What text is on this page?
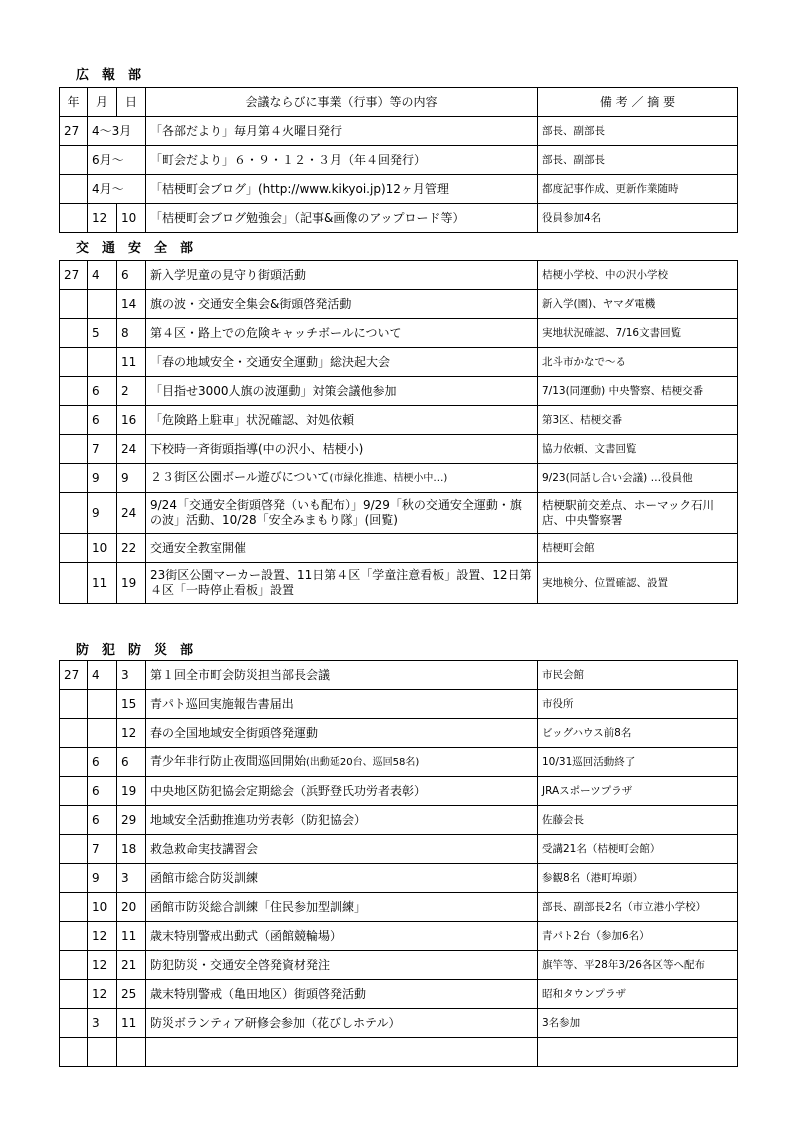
広　報　部
年	月	日	会議ならびに事業（行事）等の内容	備 考 ／ 摘 要
27	4～3月		「各部だより」毎月第４火曜日発行	部長、副部長
	6月～		「町会だより」６・９・１２・３月（年４回発行）	部長、副部長
	4月～		「桔梗町会ブログ」(http://www.kikyoi.jp)12ヶ月管理	都度記事作成、更新作業随時
	12	10	「桔梗町会ブログ勉強会」（記事&画像のアップロード等）	役員参加4名
交　通　安　全　部
27	4	6	新入学児童の見守り街頭活動	桔梗小学校、中の沢小学校
		14	旗の波・交通安全集会&街頭啓発活動	新入学(園)、ヤマダ電機
	5	8	第４区・路上での危険キャッチボールについて	実地状況確認、7/16文書回覧
		11	「春の地域安全・交通安全運動」総決起大会	北斗市かなで～る
	6	2	「目指せ3000人旗の波運動」対策会議他参加	7/13(同運動) 中央警察、桔梗交番
	6	16	「危険路上駐車」状況確認、対処依頼	第3区、桔梗交番
	7	24	下校時一斉街頭指導(中の沢小、桔梗小)	協力依頼、文書回覧
	9	9	２３街区公園ボール遊びについて(市緑化推進、桔梗小中…)	9/23(同話し合い会議) …役員他
	9	24	9/24「交通安全街頭啓発（いも配布）」9/29「秋の交通安全運動・旗の波」活動、10/28「安全みまもり隊」(回覧)	桔梗駅前交差点、ホーマック石川店、中央警察署
	10	22	交通安全教室開催	桔梗町会館
	11	19	23街区公園マーカー設置、11日第４区「学童注意看板」設置、12日第４区「一時停止看板」設置	実地検分、位置確認、設置
防　犯　防　災　部
27	4	3	第１回全市町会防災担当部長会議	市民会館
		15	青パト巡回実施報告書届出	市役所
		12	春の全国地域安全街頭啓発運動	ビッグハウス前8名
	6	6	青少年非行防止夜間巡回開始(出動延20台、巡回58名)	10/31巡回活動終了
	6	19	中央地区防犯協会定期総会（浜野登氏功労者表彰）	JRAスポーツプラザ
	6	29	地域安全活動推進功労表彰（防犯協会）	佐藤会長
	7	18	救急救命実技講習会	受講21名（桔梗町会館）
	9	3	函館市総合防災訓練	参観8名（港町埠頭）
	10	20	函館市防災総合訓練「住民参加型訓練」	部長、副部長2名（市立港小学校）
	12	11	歳末特別警戒出動式（函館競輪場）	青パト2台（参加6名）
	12	21	防犯防災・交通安全啓発資材発注	旗竿等、平28年3/26各区等へ配布
	12	25	歳末特別警戒（亀田地区）街頭啓発活動	昭和タウンプラザ
	3	11	防災ボランティア研修会参加（花びしホテル）	3名参加
